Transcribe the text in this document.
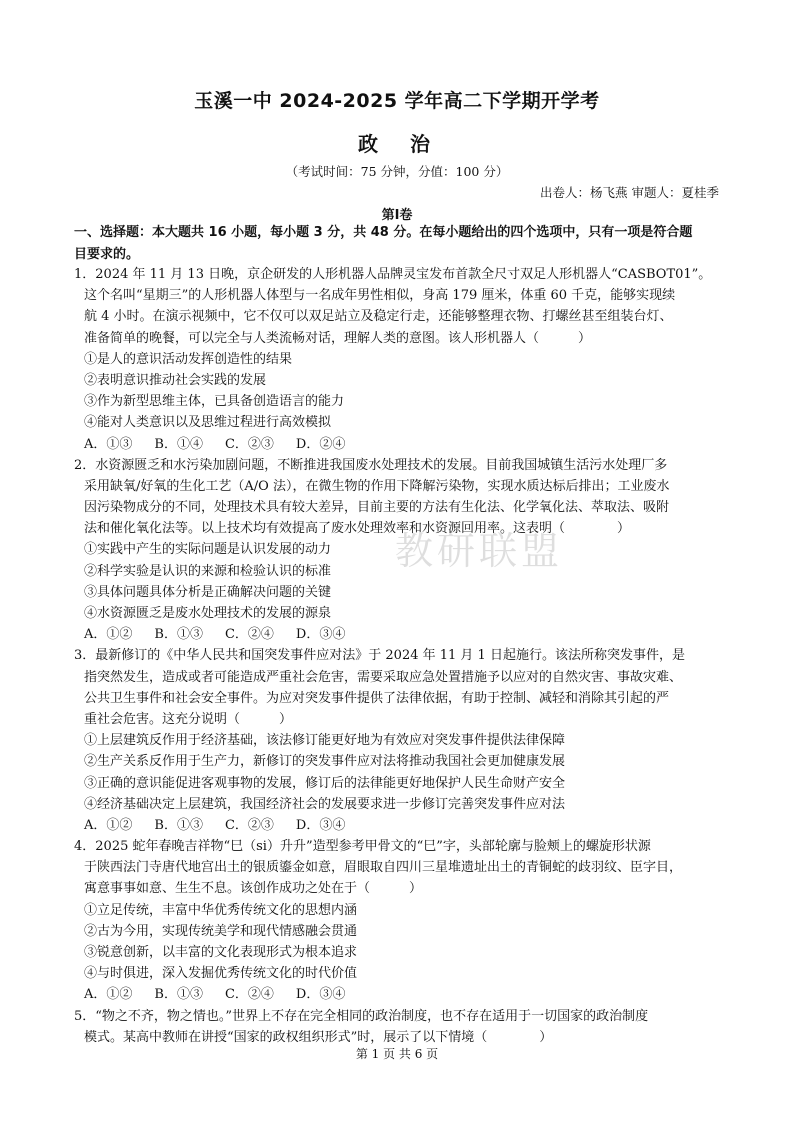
玉溪一中 2024-2025 学年高二下学期开学考
政  治
（考试时间：75 分钟，分值：100 分）
出卷人：杨飞燕 审题人：夏桂季
第Ⅰ卷
一、选择题：本大题共 16 小题，每小题 3 分，共 48 分。在每小题给出的四个选项中，只有一项是符合题
目要求的。
1．2024 年 11 月 13 日晚，京企研发的人形机器人品牌灵宝发布首款全尺寸双足人形机器人“CASBOT01”。
这个名叫“星期三”的人形机器人体型与一名成年男性相似，身高 179 厘米，体重 60 千克，能够实现续
航 4 小时。在演示视频中，它不仅可以双足站立及稳定行走，还能够整理衣物、打螺丝甚至组装台灯、
准备简单的晚餐，可以完全与人类流畅对话，理解人类的意图。该人形机器人（　　　）
①是人的意识活动发挥创造性的结果
②表明意识推动社会实践的发展
③作为新型思维主体，已具备创造语言的能力
④能对人类意识以及思维过程进行高效模拟
A．①③ B．①④ C．②③ D．②④
2．水资源匮乏和水污染加剧问题，不断推进我国废水处理技术的发展。目前我国城镇生活污水处理厂多
采用缺氧/好氧的生化工艺（A/O 法），在微生物的作用下降解污染物，实现水质达标后排出；工业废水
因污染物成分的不同，处理技术具有较大差异，目前主要的方法有生化法、化学氧化法、萃取法、吸附
法和催化氧化法等。以上技术均有效提高了废水处理效率和水资源回用率。这表明（　　　　）
①实践中产生的实际问题是认识发展的动力
②科学实验是认识的来源和检验认识的标准
③具体问题具体分析是正确解决问题的关键
④水资源匮乏是废水处理技术的发展的源泉
A．①② B．①③ C．②④ D．③④
3．最新修订的《中华人民共和国突发事件应对法》于 2024 年 11 月 1 日起施行。该法所称突发事件，是
指突然发生，造成或者可能造成严重社会危害，需要采取应急处置措施予以应对的自然灾害、事故灾难、
公共卫生事件和社会安全事件。为应对突发事件提供了法律依据，有助于控制、减轻和消除其引起的严
重社会危害。这充分说明（　　　）
①上层建筑反作用于经济基础，该法修订能更好地为有效应对突发事件提供法律保障
②生产关系反作用于生产力，新修订的突发事件应对法将推动我国社会更加健康发展
③正确的意识能促进客观事物的发展，修订后的法律能更好地保护人民生命财产安全
④经济基础决定上层建筑，我国经济社会的发展要求进一步修订完善突发事件应对法
A．①② B．①③ C．②③ D．③④
4．2025 蛇年春晚吉祥物“巳（si）升升”造型参考甲骨文的“巳”字，头部轮廓与脸颊上的螺旋形状源
于陕西法门寺唐代地宫出土的银质鎏金如意，眉眼取自四川三星堆遗址出土的青铜蛇的歧羽纹、臣字目，
寓意事事如意、生生不息。该创作成功之处在于（　　　）
①立足传统，丰富中华优秀传统文化的思想内涵
②古为今用，实现传统美学和现代情感融会贯通
③锐意创新，以丰富的文化表现形式为根本追求
④与时俱进，深入发掘优秀传统文化的时代价值
A．①② B．①③ C．②④ D．③④
5．“物之不齐，物之情也。”世界上不存在完全相同的政治制度，也不存在适用于一切国家的政治制度
模式。某高中教师在讲授“国家的政权组织形式”时，展示了以下情境（　　　　）
教研联盟
第 1 页 共 6 页
